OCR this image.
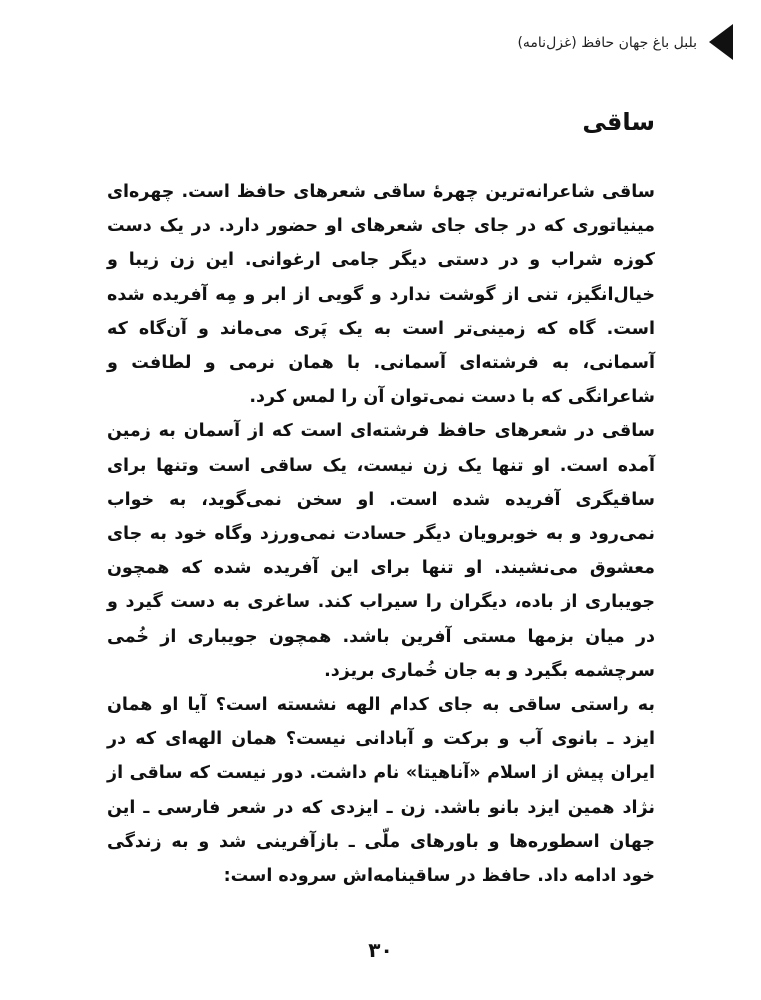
بلبل باغ جهان حافظ (غزل‌نامه)
ساقی

ساقی شاعرانه‌ترین چهرهٔ ساقی شعرهای حافظ است. چهره‌ای مینیاتوری که در جای جای شعرهای او حضور دارد. در یک دست کوزه شراب و در دستی دیگر جامی ارغوانی. این زن زیبا و خیال‌انگیز، تنی از گوشت ندارد و گویی از ابر و مِه آفریده شده است. گاه که زمینی‌تر است به یک پَری می‌ماند و آن‌گاه که آسمانی، به فرشته‌ای آسمانی. با همان نرمی و لطافت و شاعرانگی که با دست نمی‌توان آن را لمس کرد.

ساقی در شعرهای حافظ فرشته‌ای است که از آسمان به زمین آمده است. او تنها یک زن نیست، یک ساقی است وتنها برای ساقیگری آفریده شده است. او سخن نمی‌گوید، به خواب نمی‌رود و به خوبرویان دیگر حسادت نمی‌ورزد وگاه خود به جای معشوق می‌نشیند. او تنها برای این آفریده شده که همچون جویباری از باده، دیگران را سیراب کند. ساغری به دست گیرد و در میان بزمها مستی آفرین باشد. همچون جویباری از خُمی سرچشمه بگیرد و به جان خُماری بریزد.

به راستی ساقی به جای کدام الهه نشسته است؟ آیا او همان ایزد ـ بانوی آب و برکت و آبادانی نیست؟ همان الهه‌ای که در ایران پیش از اسلام «آناهیتا» نام داشت. دور نیست که ساقی از نژاد همین ایزد بانو باشد. زن ـ ایزدی که در شعر فارسی ـ این جهان اسطوره‌ها و باورهای ملّی ـ بازآفرینی شد و به زندگی خود ادامه داد. حافظ در ساقینامه‌اش سروده است:

۳۰
